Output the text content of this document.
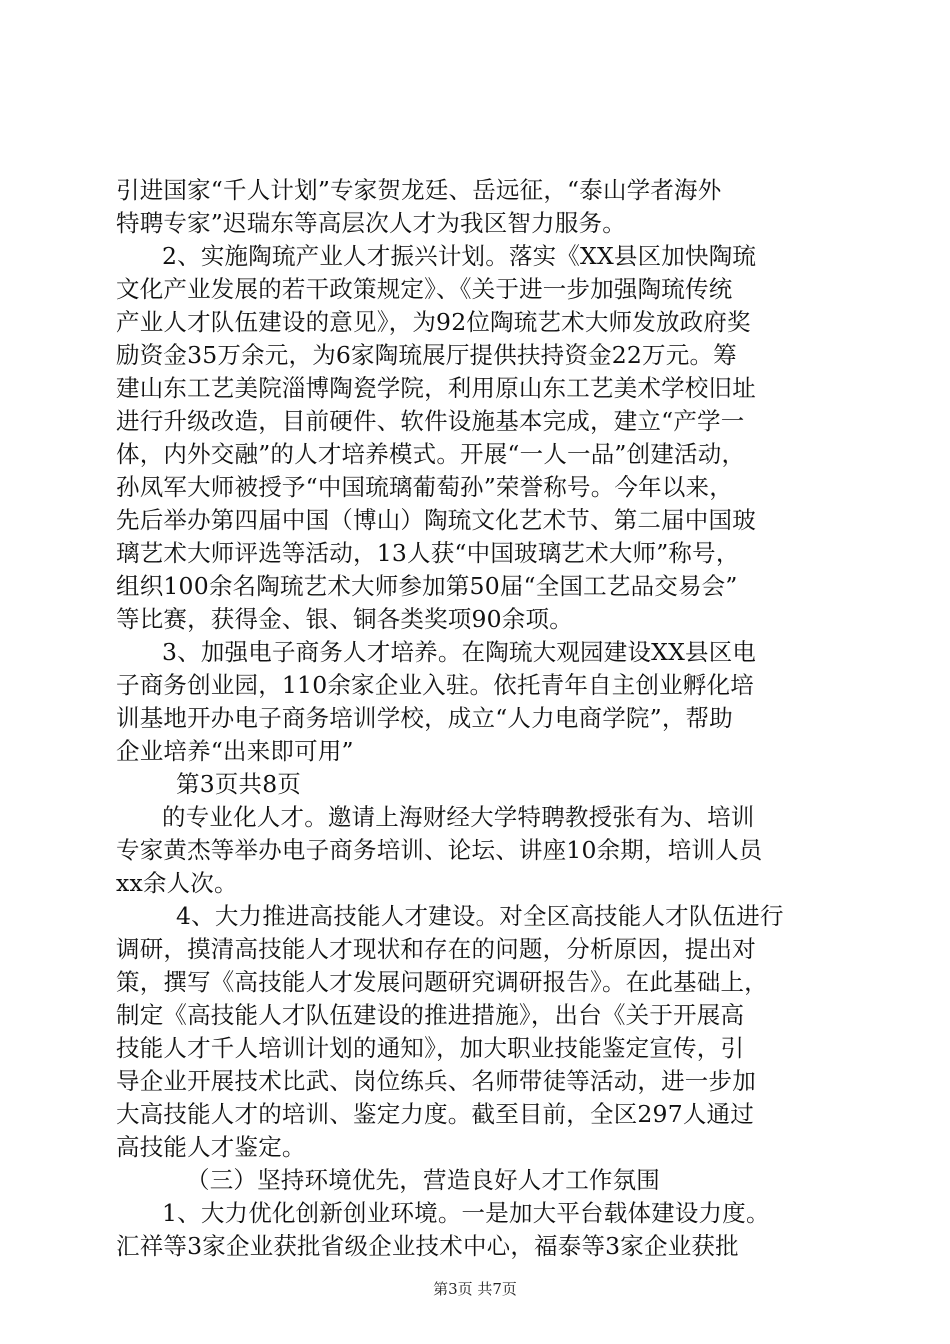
引进国家“千人计划”专家贺龙廷、岳远征，“泰山学者海外
特聘专家”迟瑞东等高层次人才为我区智力服务。
2、实施陶琉产业人才振兴计划。落实《XX县区加快陶琉
文化产业发展的若干政策规定》、《关于进一步加强陶琉传统
产业人才队伍建设的意见》，为92位陶琉艺术大师发放政府奖
励资金35万余元，为6家陶琉展厅提供扶持资金22万元。筹
建山东工艺美院淄博陶瓷学院，利用原山东工艺美术学校旧址
进行升级改造，目前硬件、软件设施基本完成，建立“产学一
体，内外交融”的人才培养模式。开展“一人一品”创建活动，
孙凤军大师被授予“中国琉璃葡萄孙”荣誉称号。今年以来，
先后举办第四届中国（博山）陶琉文化艺术节、第二届中国玻
璃艺术大师评选等活动，13人获“中国玻璃艺术大师”称号，
组织100余名陶琉艺术大师参加第50届“全国工艺品交易会”
等比赛，获得金、银、铜各类奖项90余项。
3、加强电子商务人才培养。在陶琉大观园建设XX县区电
子商务创业园，110余家企业入驻。依托青年自主创业孵化培
训基地开办电子商务培训学校，成立“人力电商学院”，帮助
企业培养“出来即可用”
第3页共8页
的专业化人才。邀请上海财经大学特聘教授张有为、培训
专家黄杰等举办电子商务培训、论坛、讲座10余期，培训人员
xx余人次。
4、大力推进高技能人才建设。对全区高技能人才队伍进行
调研，摸清高技能人才现状和存在的问题，分析原因，提出对
策，撰写《高技能人才发展问题研究调研报告》。在此基础上，
制定《高技能人才队伍建设的推进措施》，出台《关于开展高
技能人才千人培训计划的通知》，加大职业技能鉴定宣传，引
导企业开展技术比武、岗位练兵、名师带徒等活动，进一步加
大高技能人才的培训、鉴定力度。截至目前，全区297人通过
高技能人才鉴定。
（三）坚持环境优先，营造良好人才工作氛围
1、大力优化创新创业环境。一是加大平台载体建设力度。
汇祥等3家企业获批省级企业技术中心，福泰等3家企业获批
第3页 共7页
